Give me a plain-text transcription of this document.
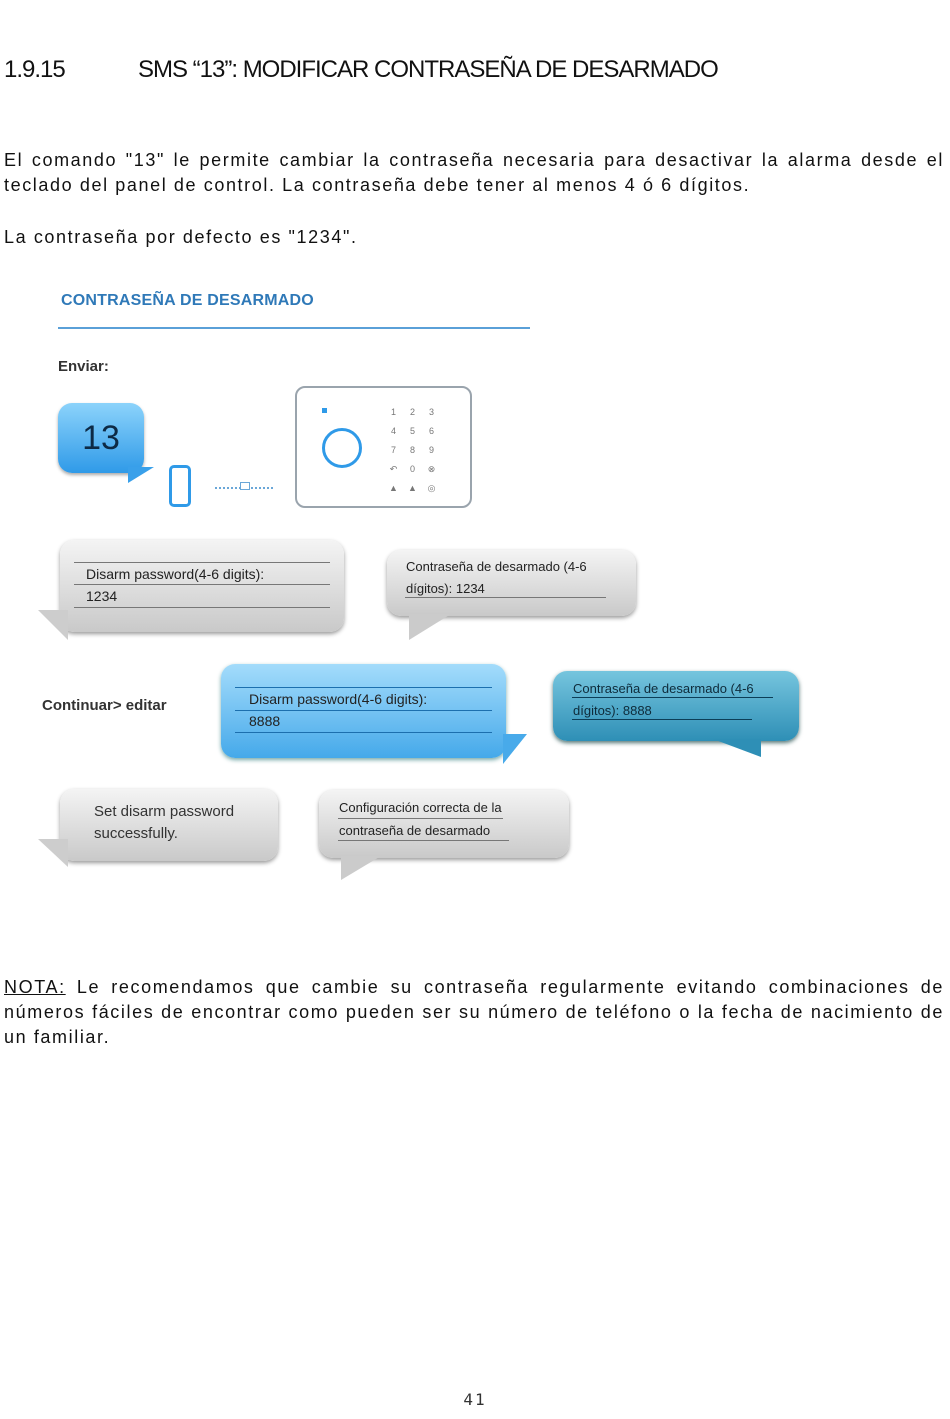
1.9.15	SMS “13”: MODIFICAR CONTRASEÑA DE DESARMADO
El comando "13" le permite cambiar la contraseña necesaria para desactivar la alarma desde el teclado del panel de control. La contraseña debe tener al menos 4 ó 6 dígitos.
La contraseña por defecto es "1234".
CONTRASEÑA DE DESARMADO
Enviar:
13
1 2 3 4 5 6 7 8 9 ↶ 0 ⊗ ▲ ▲ ◎
Disarm password(4-6 digits):
1234
Contraseña de desarmado (4-6
dígitos): 1234
Continuar> editar	Disarm password(4-6 digits):
8888
Contraseña de desarmado (4-6
dígitos): 8888
Set disarm password
successfully.
Configuración correcta de la
contraseña de desarmado
NOTA: Le recomendamos que cambie su contraseña regularmente evitando combinaciones de números fáciles de encontrar como pueden ser su número de teléfono o la fecha de nacimiento de un familiar.
41
